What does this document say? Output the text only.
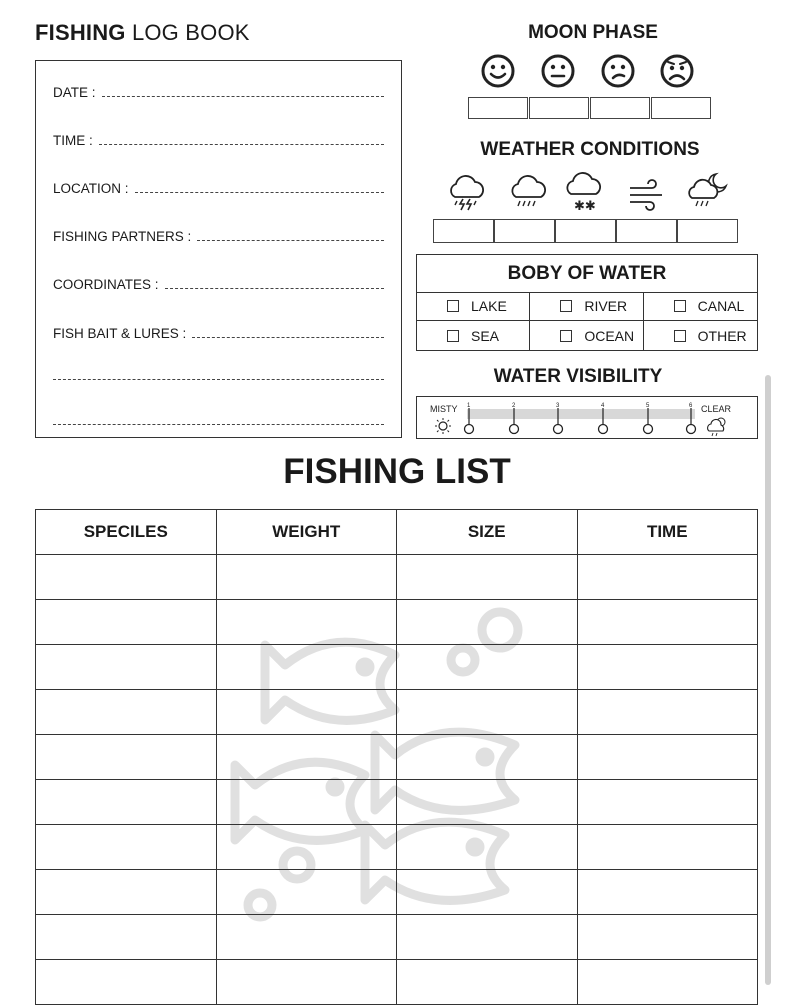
FISHING LOG BOOK
DATE :
TIME :
LOCATION :
FISHING PARTNERS :
COORDINATES :
FISH BAIT & LURES :
MOON PHASE
WEATHER CONDITIONS
✱✱
BOBY OF WATER
LAKE	RIVER	CANAL
SEA	OCEAN	OTHER
WATER VISIBILITY
MISTY	CLEAR
1	2	3	4	5	6
FISHING LIST
SPECILES	WEIGHT	SIZE	TIME
